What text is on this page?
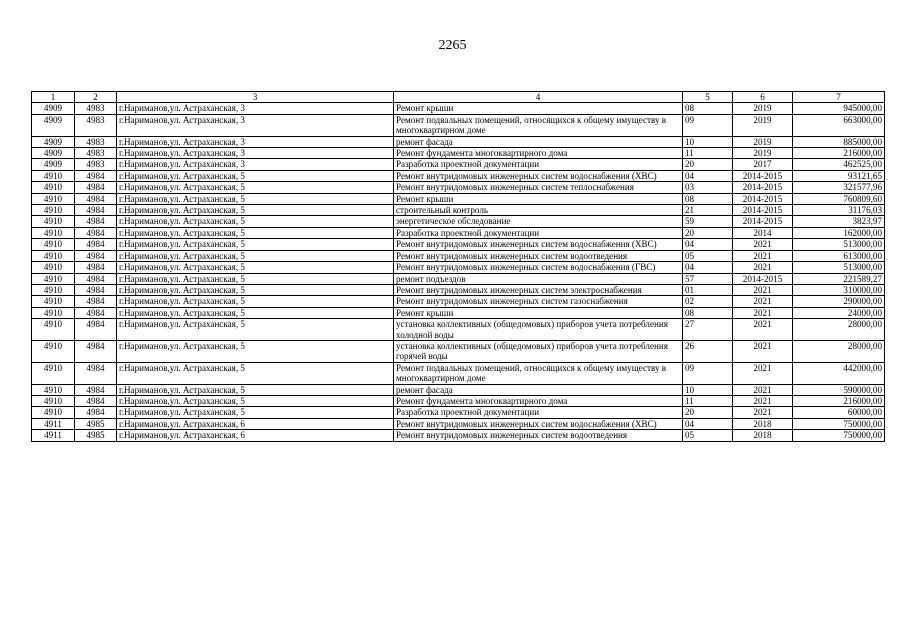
2265
1	2	3	4	5	6	7
4909	4983	г.Нариманов,ул. Астраханская, 3	Ремонт крыши	08	2019	945000,00
4909	4983	г.Нариманов,ул. Астраханская, 3	Ремонт подвальных помещений, относящихся к общему имуществу в многоквартирном доме	09	2019	663000,00
4909	4983	г.Нариманов,ул. Астраханская, 3	ремонт фасада	10	2019	885000,00
4909	4983	г.Нариманов,ул. Астраханская, 3	Ремонт фундамента многоквартирного дома	11	2019	216000,00
4909	4983	г.Нариманов,ул. Астраханская, 3	Разработка проектной документации	20	2017	462525,00
4910	4984	г.Нариманов,ул. Астраханская, 5	Ремонт внутридомовых инженерных систем водоснабжения (ХВС)	04	2014-2015	93121,65
4910	4984	г.Нариманов,ул. Астраханская, 5	Ремонт внутридомовых инженерных систем теплоснабжения	03	2014-2015	321577,96
4910	4984	г.Нариманов,ул. Астраханская, 5	Ремонт крыши	08	2014-2015	760809,60
4910	4984	г.Нариманов,ул. Астраханская, 5	строительный контроль	21	2014-2015	31176,03
4910	4984	г.Нариманов,ул. Астраханская, 5	энергетическое обследование	59	2014-2015	3823,97
4910	4984	г.Нариманов,ул. Астраханская, 5	Разработка проектной документации	20	2014	162000,00
4910	4984	г.Нариманов,ул. Астраханская, 5	Ремонт внутридомовых инженерных систем водоснабжения (ХВС)	04	2021	513000,00
4910	4984	г.Нариманов,ул. Астраханская, 5	Ремонт внутридомовых инженерных систем водоотведения	05	2021	613000,00
4910	4984	г.Нариманов,ул. Астраханская, 5	Ремонт внутридомовых инженерных систем водоснабжения (ГВС)	04	2021	513000,00
4910	4984	г.Нариманов,ул. Астраханская, 5	ремонт подъездов	57	2014-2015	221589,27
4910	4984	г.Нариманов,ул. Астраханская, 5	Ремонт внутридомовых инженерных систем электроснабжения	01	2021	310000,00
4910	4984	г.Нариманов,ул. Астраханская, 5	Ремонт внутридомовых инженерных систем газоснабжения	02	2021	290000,00
4910	4984	г.Нариманов,ул. Астраханская, 5	Ремонт крыши	08	2021	24000,00
4910	4984	г.Нариманов,ул. Астраханская, 5	установка коллективных (общедомовых) приборов учета потребления холодной воды	27	2021	28000,00
4910	4984	г.Нариманов,ул. Астраханская, 5	установка коллективных (общедомовых) приборов учета потребления горячей воды	26	2021	28000,00
4910	4984	г.Нариманов,ул. Астраханская, 5	Ремонт подвальных помещений, относящихся к общему имуществу в многоквартирном доме	09	2021	442000,00
4910	4984	г.Нариманов,ул. Астраханская, 5	ремонт фасада	10	2021	590000,00
4910	4984	г.Нариманов,ул. Астраханская, 5	Ремонт фундамента многоквартирного дома	11	2021	216000,00
4910	4984	г.Нариманов,ул. Астраханская, 5	Разработка проектной документации	20	2021	60000,00
4911	4985	г.Нариманов,ул. Астраханская, 6	Ремонт внутридомовых инженерных систем водоснабжения (ХВС)	04	2018	750000,00
4911	4985	г.Нариманов,ул. Астраханская, 6	Ремонт внутридомовых инженерных систем водоотведения	05	2018	750000,00
